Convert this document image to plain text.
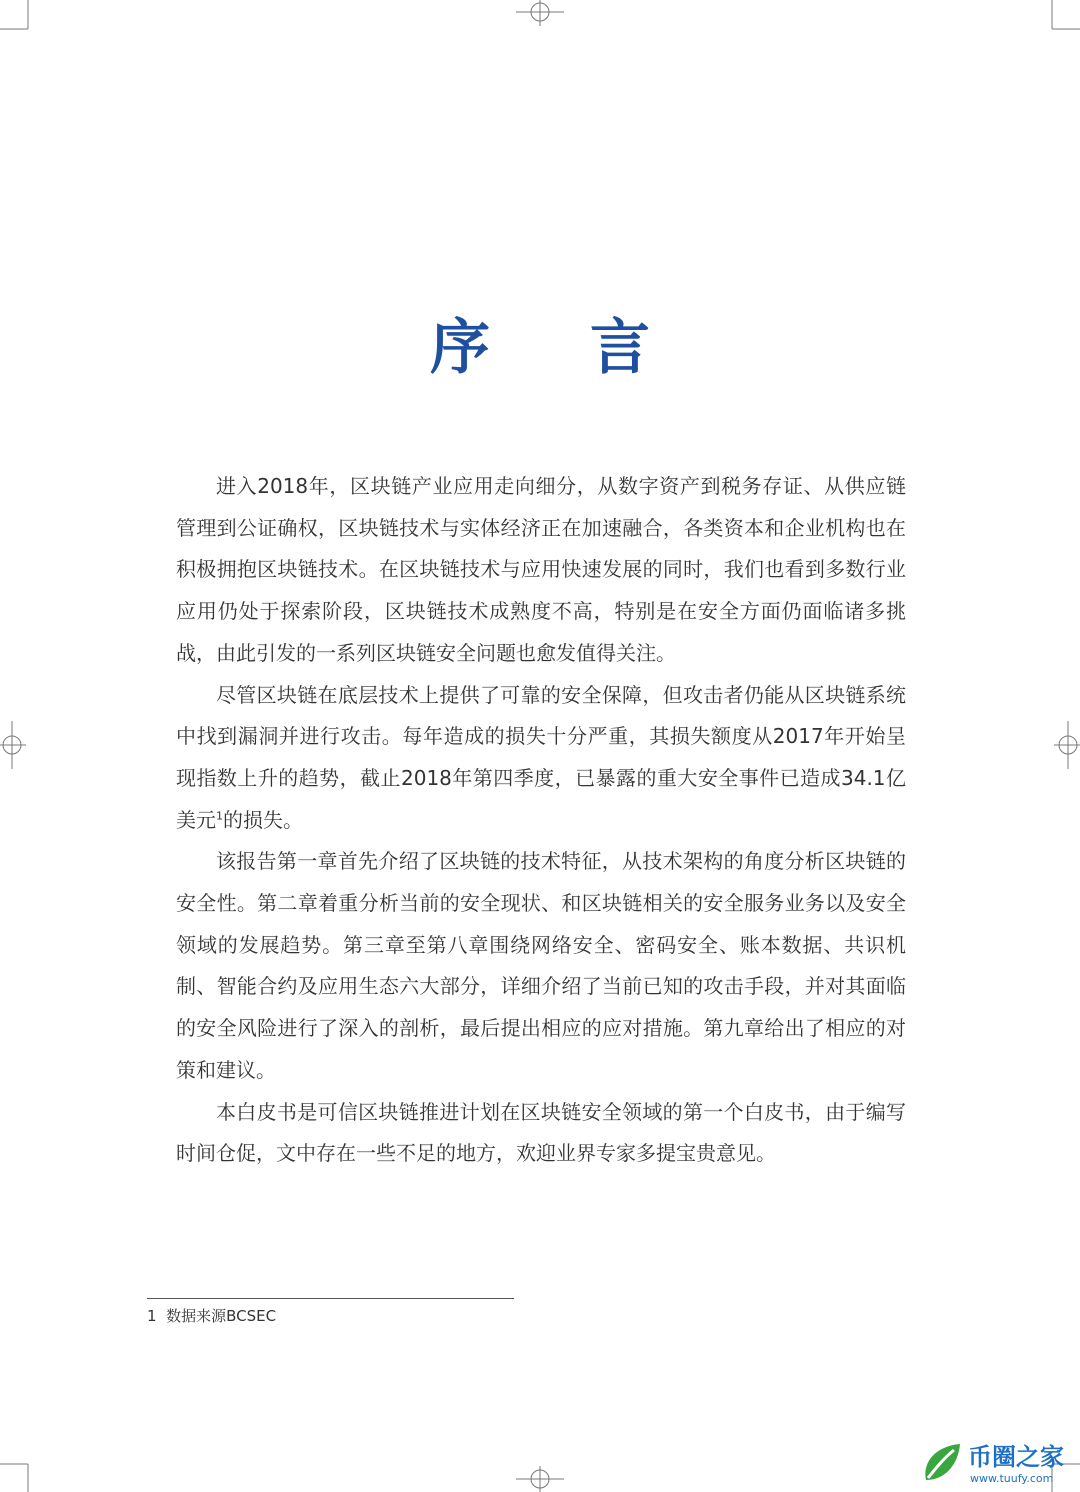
序言

进入2018年，区块链产业应用走向细分，从数字资产到税务存证、从供应链管理到公证确权，区块链技术与实体经济正在加速融合，各类资本和企业机构也在积极拥抱区块链技术。在区块链技术与应用快速发展的同时，我们也看到多数行业应用仍处于探索阶段，区块链技术成熟度不高，特别是在安全方面仍面临诸多挑战，由此引发的一系列区块链安全问题也愈发值得关注。

尽管区块链在底层技术上提供了可靠的安全保障，但攻击者仍能从区块链系统中找到漏洞并进行攻击。每年造成的损失十分严重，其损失额度从2017年开始呈现指数上升的趋势，截止2018年第四季度，已暴露的重大安全事件已造成34.1亿美元$^1$的损失。

该报告第一章首先介绍了区块链的技术特征，从技术架构的角度分析区块链的安全性。第二章着重分析当前的安全现状、和区块链相关的安全服务业务以及安全领域的发展趋势。第三章至第八章围绕网络安全、密码安全、账本数据、共识机制、智能合约及应用生态六大部分，详细介绍了当前已知的攻击手段，并对其面临的安全风险进行了深入的剖析，最后提出相应的应对措施。第九章给出了相应的对策和建议。

本白皮书是可信区块链推进计划在区块链安全领域的第一个白皮书，由于编写时间仓促，文中存在一些不足的地方，欢迎业界专家多提宝贵意见。

1 数据来源BCSEC
币圈之家
www.tuufy.com
